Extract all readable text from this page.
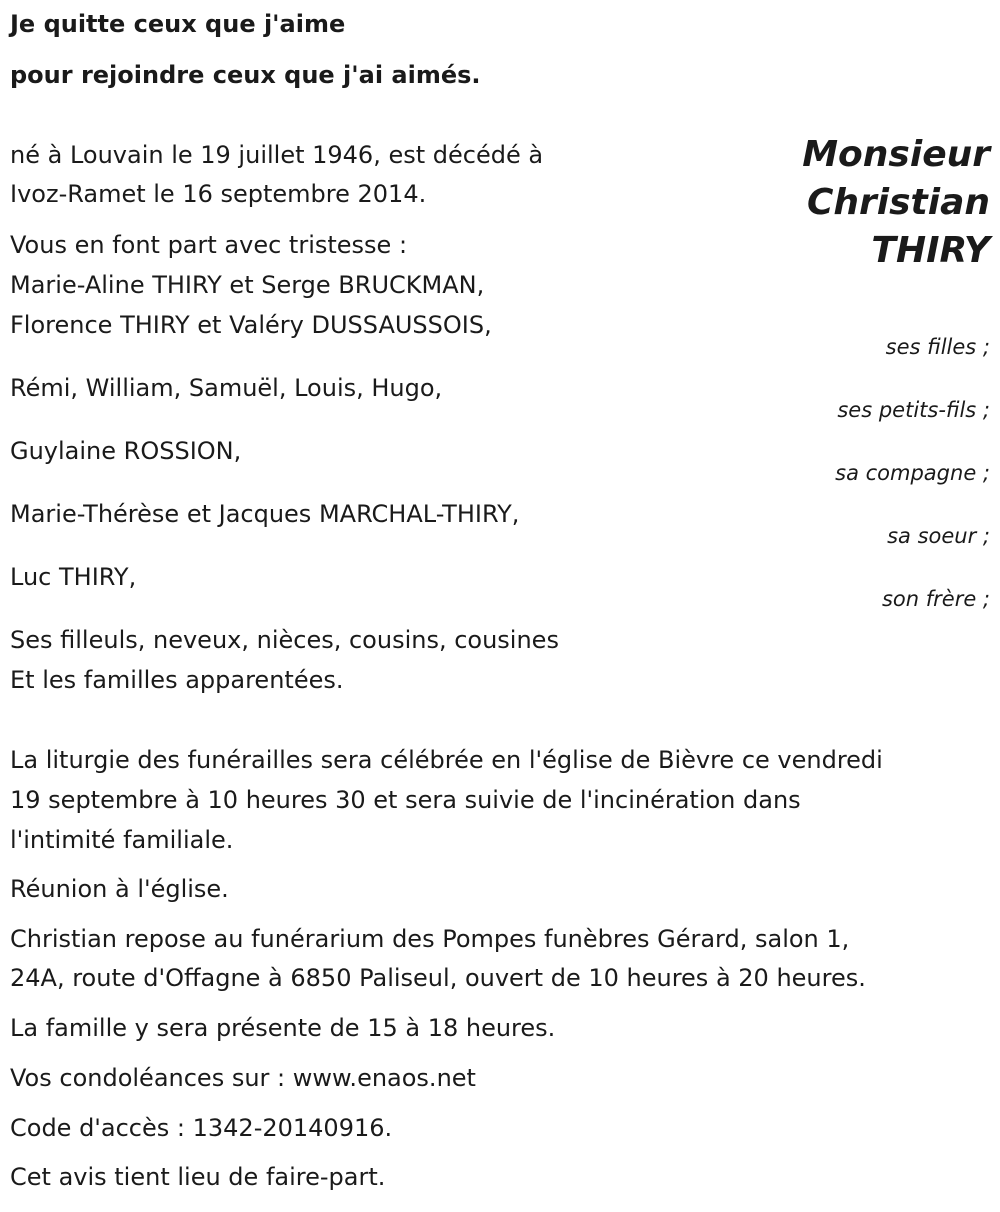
Je quitte ceux que j'aime
pour rejoindre ceux que j'ai aimés.
Monsieur
Christian
THIRY
né à Louvain le 19 juillet 1946, est décédé à
Ivoz-Ramet le 16 septembre 2014.
Vous en font part avec tristesse :
Marie-Aline THIRY et Serge BRUCKMAN,
Florence THIRY et Valéry DUSSAUSSOIS,
Rémi, William, Samuël, Louis, Hugo,
Guylaine ROSSION,
Marie-Thérèse et Jacques MARCHAL-THIRY,
Luc THIRY,
Ses filleuls, neveux, nièces, cousins, cousines
Et les familles apparentées.
ses filles ;
ses petits-fils ;
sa compagne ;
sa soeur ;
son frère ;
La liturgie des funérailles sera célébrée en l'église de Bièvre ce vendredi
19 septembre à 10 heures 30 et sera suivie de l'incinération dans
l'intimité familiale.
Réunion à l'église.
Christian repose au funérarium des Pompes funèbres Gérard, salon 1,
24A, route d'Offagne à 6850 Paliseul, ouvert de 10 heures à 20 heures.
La famille y sera présente de 15 à 18 heures.
Vos condoléances sur : www.enaos.net
Code d'accès : 1342-20140916.
Cet avis tient lieu de faire-part.
